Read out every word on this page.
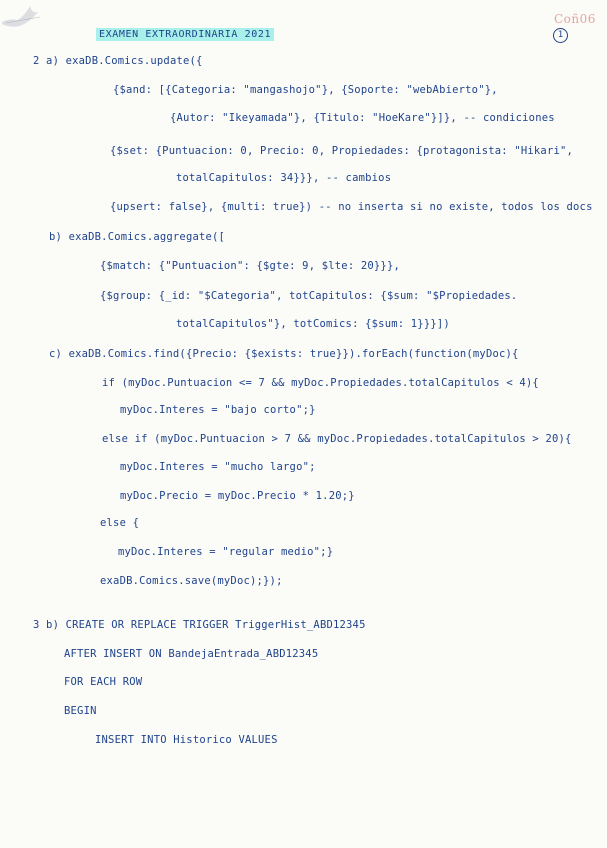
Coñ06
1
EXAMEN EXTRAORDINARIA 2021
2 a) exaDB.Comics.update({
{$and: [{Categoria: "mangashojo"}, {Soporte: "webAbierto"},
{Autor: "Ikeyamada"}, {Titulo: "HoeKare"}]}, -- condiciones
{$set: {Puntuacion: 0, Precio: 0, Propiedades: {protagonista: "Hikari",
totalCapitulos: 34}}}, -- cambios
{upsert: false}, {multi: true}) -- no inserta si no existe, todos los docs
b) exaDB.Comics.aggregate([
{$match: {"Puntuacion": {$gte: 9, $lte: 20}}},
{$group: {_id: "$Categoria", totCapitulos: {$sum: "$Propiedades.
totalCapitulos"}, totComics: {$sum: 1}}}])
c) exaDB.Comics.find({Precio: {$exists: true}}).forEach(function(myDoc){
if (myDoc.Puntuacion <= 7 && myDoc.Propiedades.totalCapitulos < 4){
myDoc.Interes = "bajo corto";}
else if (myDoc.Puntuacion > 7 && myDoc.Propiedades.totalCapitulos > 20){
myDoc.Interes = "mucho largo";
myDoc.Precio = myDoc.Precio * 1.20;}
else {
myDoc.Interes = "regular medio";}
exaDB.Comics.save(myDoc);});
3 b) CREATE OR REPLACE TRIGGER TriggerHist_ABD12345
AFTER INSERT ON BandejaEntrada_ABD12345
FOR EACH ROW
BEGIN
INSERT INTO Historico VALUES
